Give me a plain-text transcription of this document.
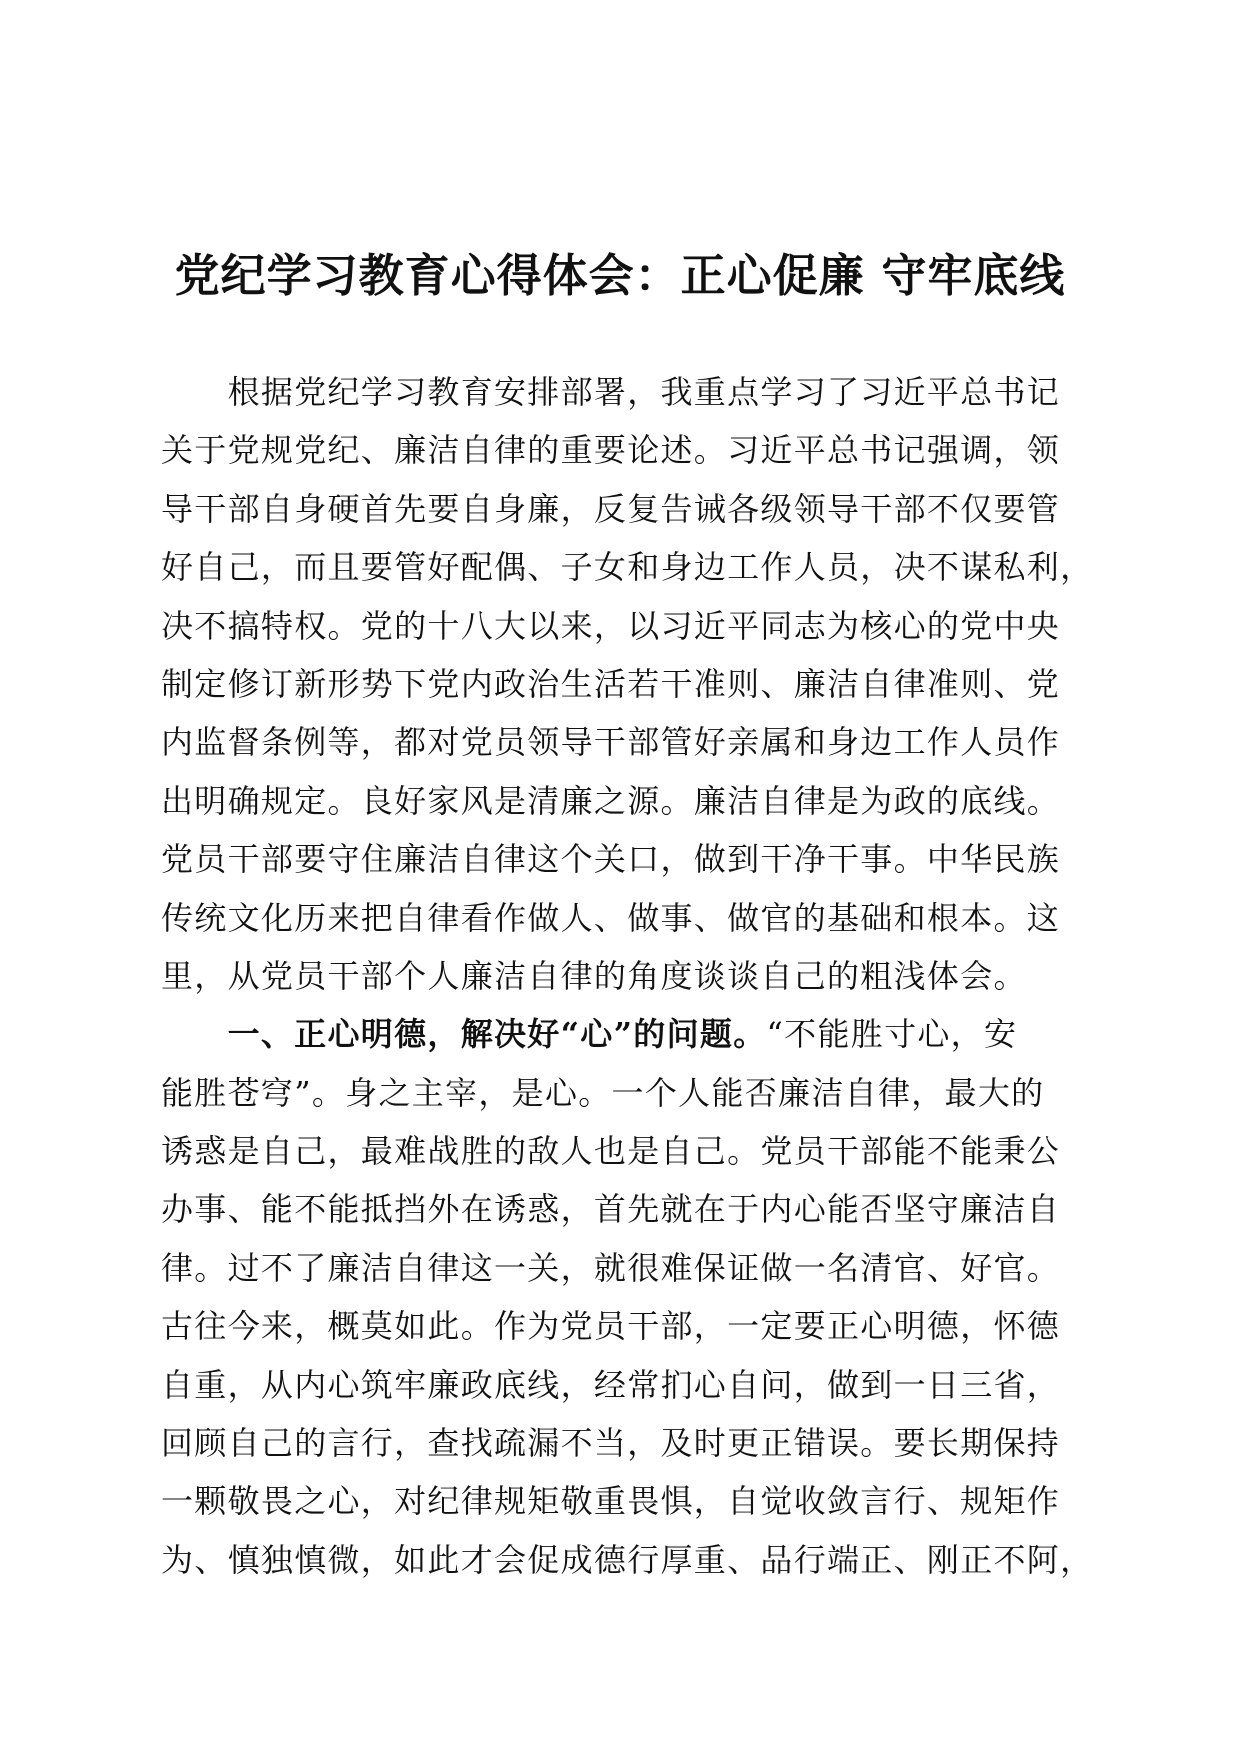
党纪学习教育心得体会：正心促廉 守牢底线
根据党纪学习教育安排部署，我重点学习了习近平总书记
关于党规党纪、廉洁自律的重要论述。习近平总书记强调，领
导干部自身硬首先要自身廉，反复告诫各级领导干部不仅要管
好自己，而且要管好配偶、子女和身边工作人员，决不谋私利，
决不搞特权。党的十八大以来，以习近平同志为核心的党中央
制定修订新形势下党内政治生活若干准则、廉洁自律准则、党
内监督条例等，都对党员领导干部管好亲属和身边工作人员作
出明确规定。良好家风是清廉之源。廉洁自律是为政的底线。
党员干部要守住廉洁自律这个关口，做到干净干事。中华民族
传统文化历来把自律看作做人、做事、做官的基础和根本。这
里，从党员干部个人廉洁自律的角度谈谈自己的粗浅体会。
一、正心明德，解决好“心”的问题。“不能胜寸心，安
能胜苍穹”。身之主宰，是心。一个人能否廉洁自律，最大的
诱惑是自己，最难战胜的敌人也是自己。党员干部能不能秉公
办事、能不能抵挡外在诱惑，首先就在于内心能否坚守廉洁自
律。过不了廉洁自律这一关，就很难保证做一名清官、好官。
古往今来，概莫如此。作为党员干部，一定要正心明德，怀德
自重，从内心筑牢廉政底线，经常扪心自问，做到一日三省，
回顾自己的言行，查找疏漏不当，及时更正错误。要长期保持
一颗敬畏之心，对纪律规矩敬重畏惧，自觉收敛言行、规矩作
为、慎独慎微，如此才会促成德行厚重、品行端正、刚正不阿，
